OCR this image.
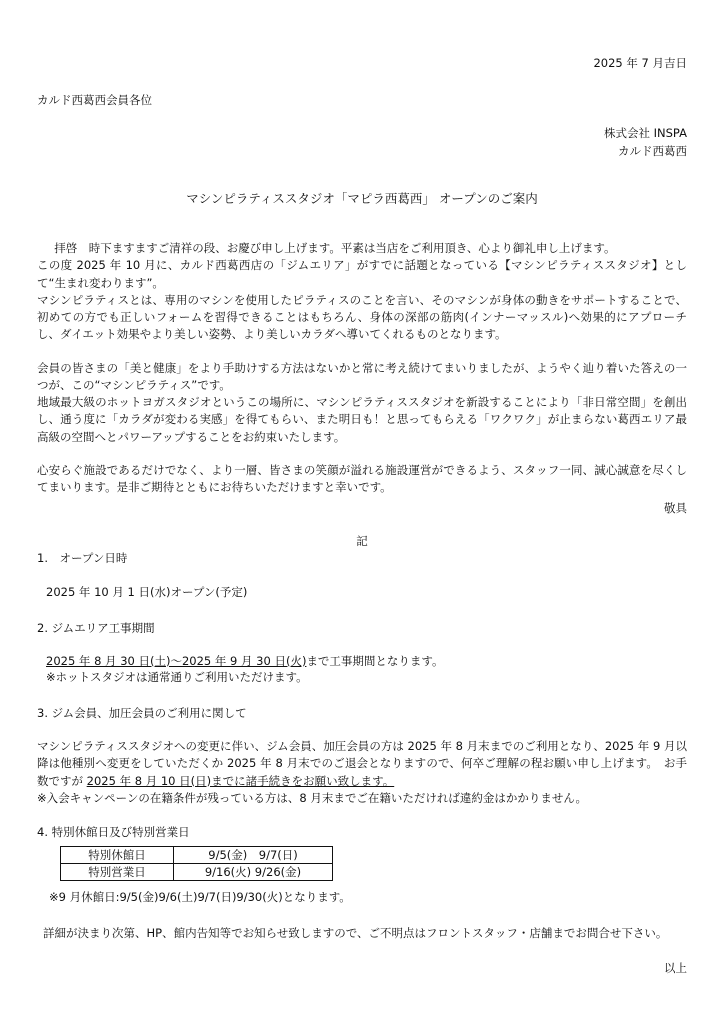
2025 年 7 月吉日
カルド西葛西会員各位
株式会社 INSPA
カルド西葛西
マシンピラティススタジオ「マピラ西葛西」 オープンのご案内
拝啓　時下ますますご清祥の段、お慶び申し上げます。平素は当店をご利用頂き、心より御礼申し上げます。
この度 2025 年 10 月に、カルド西葛西店の「ジムエリア」がすでに話題となっている【マシンピラティススタジオ】として“生まれ変わります”。
マシンピラティスとは、専用のマシンを使用したピラティスのことを言い、そのマシンが身体の動きをサポートすることで、初めての方でも正しいフォームを習得できることはもちろん、身体の深部の筋肉(インナーマッスル)へ効果的にアプローチし、ダイエット効果やより美しい姿勢、より美しいカラダへ導いてくれるものとなります。
会員の皆さまの「美と健康」をより手助けする方法はないかと常に考え続けてまいりましたが、ようやく辿り着いた答えの一つが、この“マシンピラティス”です。
地域最大級のホットヨガスタジオというこの場所に、マシンピラティススタジオを新設することにより「非日常空間」を創出し、通う度に「カラダが変わる実感」を得てもらい、また明日も！と思ってもらえる「ワクワク」が止まらない葛西エリア最高級の空間へとパワーアップすることをお約束いたします。
心安らぐ施設であるだけでなく、より一層、皆さまの笑顔が溢れる施設運営ができるよう、スタッフ一同、誠心誠意を尽くしてまいります。是非ご期待とともにお待ちいただけますと幸いです。
敬具
記
1.　オープン日時
2025 年 10 月 1 日(水)オープン(予定)
2. ジムエリア工事期間
2025 年 8 月 30 日(土)～2025 年 9 月 30 日(火)まで工事期間となります。
※ホットスタジオは通常通りご利用いただけます。
3. ジム会員、加圧会員のご利用に関して
マシンピラティススタジオへの変更に伴い、ジム会員、加圧会員の方は 2025 年 8 月末までのご利用となり、2025 年 9 月以降は他種別へ変更をしていただくか 2025 年 8 月末でのご退会となりますので、何卒ご理解の程お願い申し上げます。　お手数ですが 2025 年 8 月 10 日(日)までに諸手続きをお願い致します。
※入会キャンペーンの在籍条件が残っている方は、8 月末までご在籍いただければ違約金はかかりません。
4. 特別休館日及び特別営業日
特別休館日	9/5(金)　9/7(日)
特別営業日	9/16(火) 9/26(金)
※9 月休館日:9/5(金)9/6(土)9/7(日)9/30(火)となります。
詳細が決まり次第、HP、館内告知等でお知らせ致しますので、ご不明点はフロントスタッフ・店舗までお問合せ下さい。
以上
